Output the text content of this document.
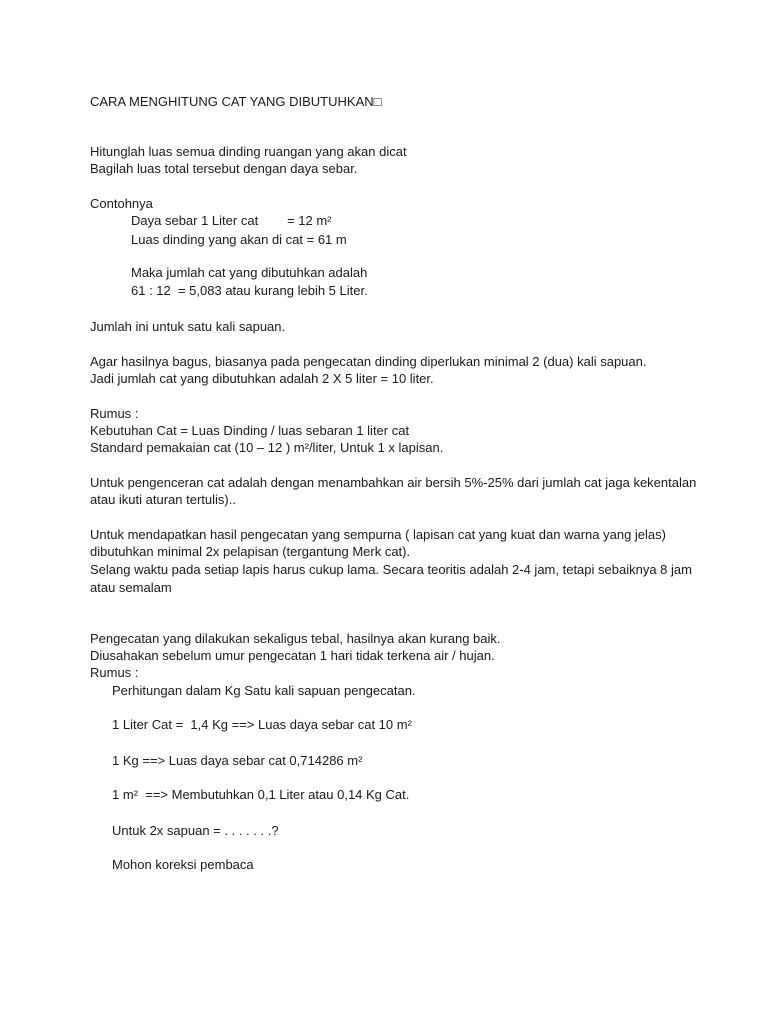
CARA MENGHITUNG CAT YANG DIBUTUHKAN□
Hitunglah luas semua dinding ruangan yang akan dicat
Bagilah luas total tersebut dengan daya sebar.
Contohnya
Daya sebar 1 Liter cat        = 12 m²
Luas dinding yang akan di cat = 61 m
Maka jumlah cat yang dibutuhkan adalah
61 : 12  = 5,083 atau kurang lebih 5 Liter.
Jumlah ini untuk satu kali sapuan.
Agar hasilnya bagus, biasanya pada pengecatan dinding diperlukan minimal 2 (dua) kali sapuan.
Jadi jumlah cat yang dibutuhkan adalah 2 X 5 liter = 10 liter.
Rumus :
Kebutuhan Cat = Luas Dinding / luas sebaran 1 liter cat
Standard pemakaian cat (10 – 12 ) m²/liter, Untuk 1 x lapisan.
Untuk pengenceran cat adalah dengan menambahkan air bersih 5%-25% dari jumlah cat jaga kekentalan
atau ikuti aturan tertulis)..
Untuk mendapatkan hasil pengecatan yang sempurna ( lapisan cat yang kuat dan warna yang jelas)
dibutuhkan minimal 2x pelapisan (tergantung Merk cat).
Selang waktu pada setiap lapis harus cukup lama. Secara teoritis adalah 2-4 jam, tetapi sebaiknya 8 jam
atau semalam
Pengecatan yang dilakukan sekaligus tebal, hasilnya akan kurang baik.
Diusahakan sebelum umur pengecatan 1 hari tidak terkena air / hujan.
Rumus :
Perhitungan dalam Kg Satu kali sapuan pengecatan.
1 Liter Cat =  1,4 Kg ==> Luas daya sebar cat 10 m²
1 Kg ==> Luas daya sebar cat 0,714286 m²
1 m²  ==> Membutuhkan 0,1 Liter atau 0,14 Kg Cat.
Untuk 2x sapuan = . . . . . . .?
Mohon koreksi pembaca
